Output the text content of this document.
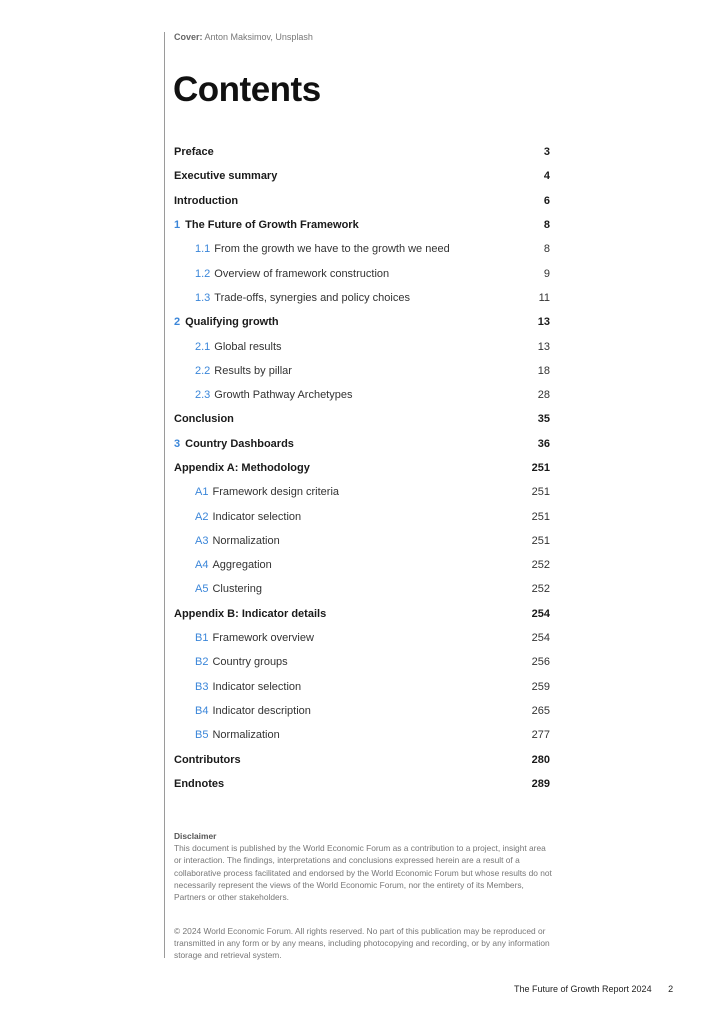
Cover: Anton Maksimov, Unsplash
Contents
Preface	3
Executive summary	4
Introduction	6
1 The Future of Growth Framework	8
1.1 From the growth we have to the growth we need	8
1.2 Overview of framework construction	9
1.3 Trade-offs, synergies and policy choices	11
2 Qualifying growth	13
2.1 Global results	13
2.2 Results by pillar	18
2.3 Growth Pathway Archetypes	28
Conclusion	35
3 Country Dashboards	36
Appendix A: Methodology	251
A1 Framework design criteria	251
A2 Indicator selection	251
A3 Normalization	251
A4 Aggregation	252
A5 Clustering	252
Appendix B: Indicator details	254
B1 Framework overview	254
B2 Country groups	256
B3 Indicator selection	259
B4 Indicator description	265
B5 Normalization	277
Contributors	280
Endnotes	289
Disclaimer
This document is published by the World Economic Forum as a contribution to a project, insight area or interaction. The findings, interpretations and conclusions expressed herein are a result of a collaborative process facilitated and endorsed by the World Economic Forum but whose results do not necessarily represent the views of the World Economic Forum, nor the entirety of its Members, Partners or other stakeholders.
© 2024 World Economic Forum. All rights reserved. No part of this publication may be reproduced or transmitted in any form or by any means, including photocopying and recording, or by any information storage and retrieval system.
The Future of Growth Report 2024 2
